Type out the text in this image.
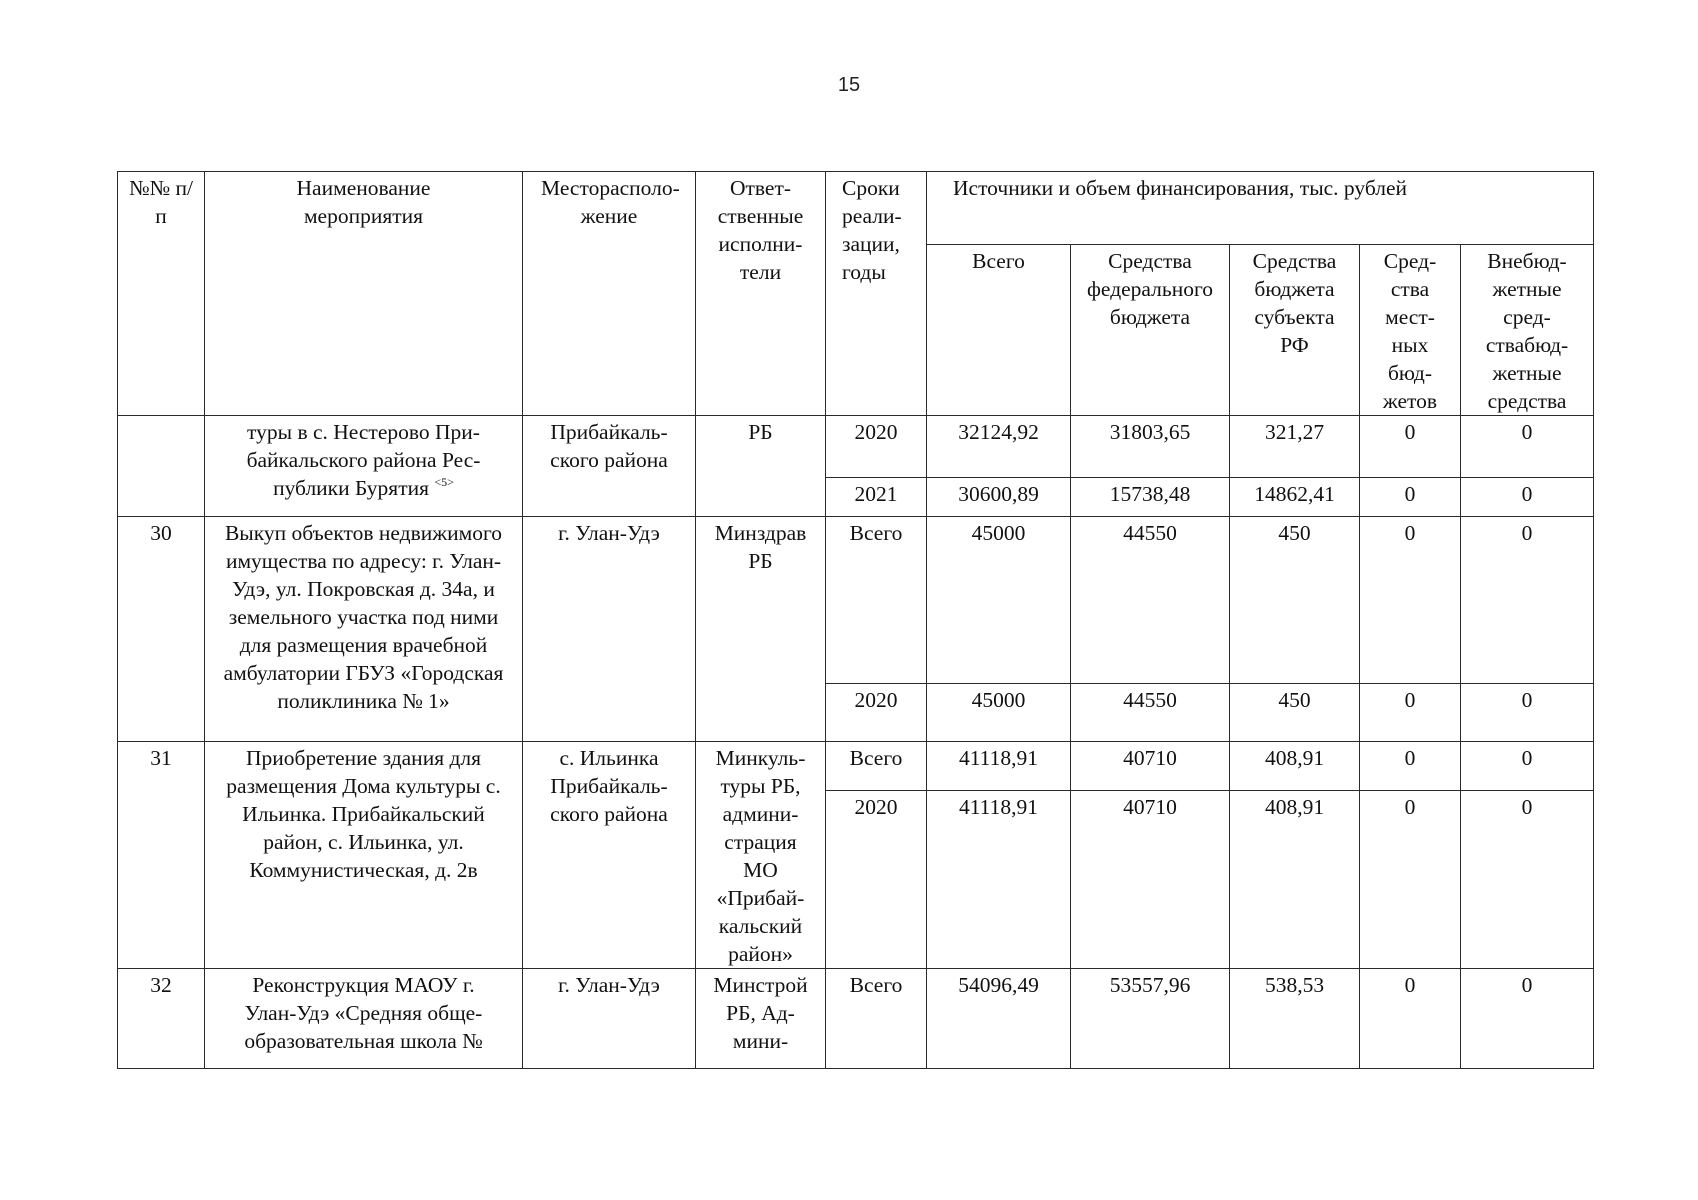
15
№№ п/п	Наименование мероприятия	Месторасположение	Ответственные исполнители	Сроки реализации, годы	Источники и объем финансирования, тыс. рублей				
					Всего	Средства федерального бюджета	Средства бюджета субъекта РФ	Средства местных бюджетов	Внебюджетные средствабюджетные средства
	туры в с. Нестерово Прибайкальского района Республики Бурятия $^{<5>}$	Прибайкальского района	РБ	2020	32124,92	31803,65	321,27	0	0
				2021	30600,89	15738,48	14862,41	0	0
30	Выкуп объектов недвижимого имущества по адресу: г. Улан-Удэ, ул. Покровская д. 34а, и земельного участка под ними для размещения врачебной амбулатории ГБУЗ «Городская поликлиника № 1»	г. Улан-Удэ	Минздрав РБ	Всего	45000	44550	450	0	0
				2020	45000	44550	450	0	0
31	Приобретение здания для размещения Дома культуры с. Ильинка. Прибайкальский район, с. Ильинка, ул. Коммунистическая, д. 2в	с. Ильинка Прибайкальского района	Минкультуры РБ, администрация МО «Прибайкальский район»	Всего	41118,91	40710	408,91	0	0
				2020	41118,91	40710	408,91	0	0
32	Реконструкция МАОУ г. Улан-Удэ «Средняя общеобразовательная школа №	г. Улан-Удэ	Минстрой РБ, Админи-	Всего	54096,49	53557,96	538,53	0	0
